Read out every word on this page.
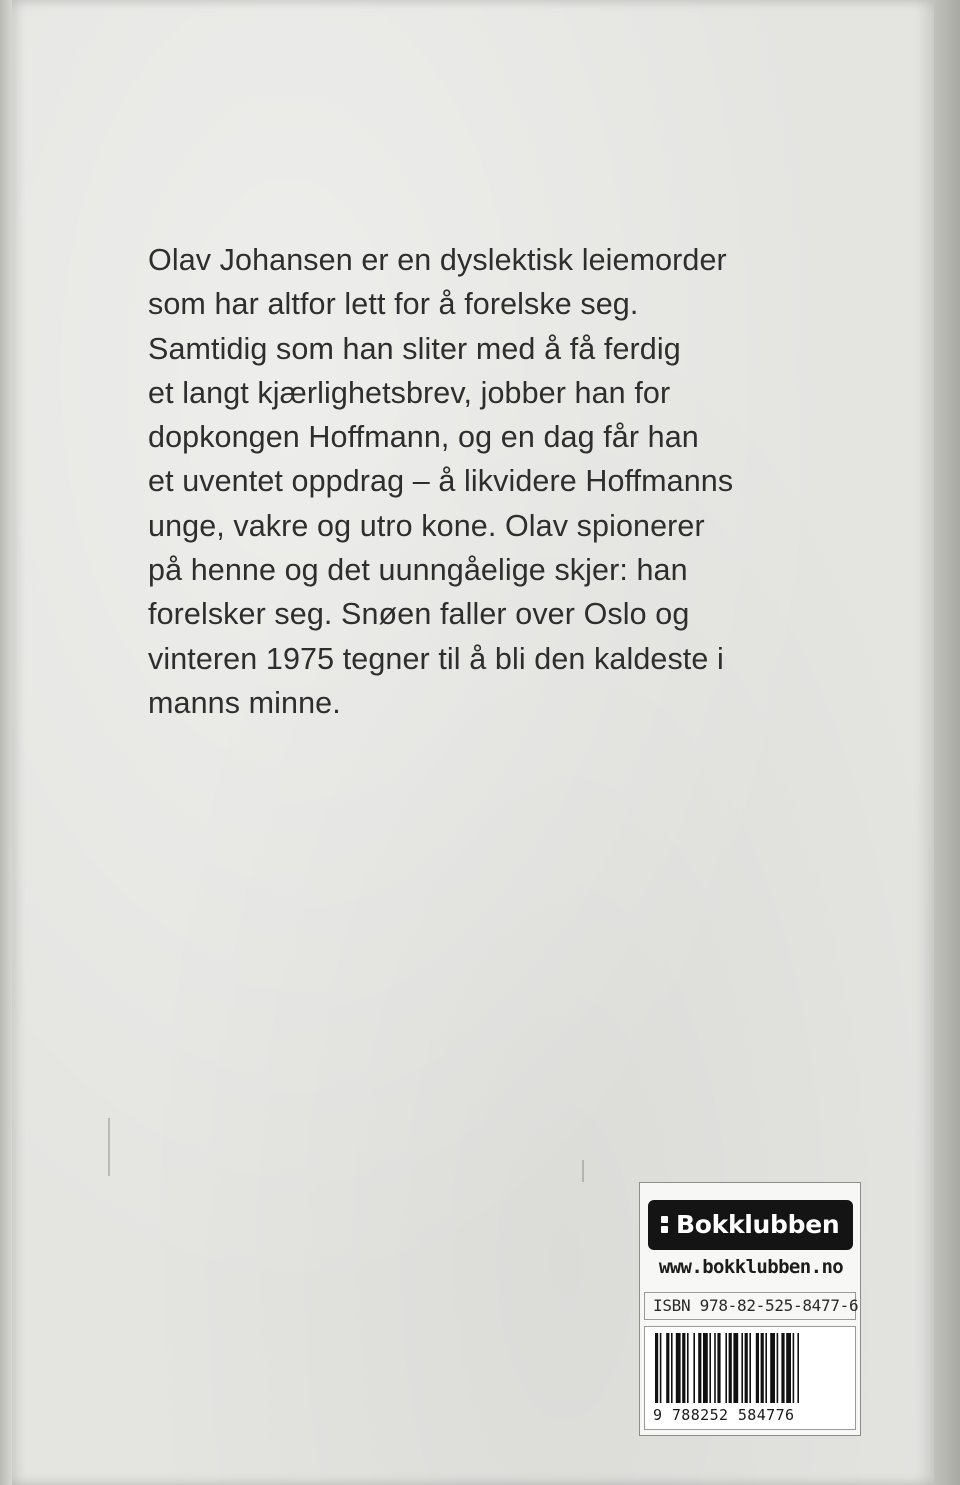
Olav Johansen er en dyslektisk leiemorder
som har altfor lett for å forelske seg.
Samtidig som han sliter med å få ferdig
et langt kjærlighetsbrev, jobber han for
dopkongen Hoffmann, og en dag får han
et uventet oppdrag – å likvidere Hoffmanns
unge, vakre og utro kone. Olav spionerer
på henne og det uunngåelige skjer: han
forelsker seg. Snøen faller over Oslo og
vinteren 1975 tegner til å bli den kaldeste i
manns minne.

Bokklubben
www.bokklubben.no
ISBN 978-82-525-8477-6
9 788252 584776
